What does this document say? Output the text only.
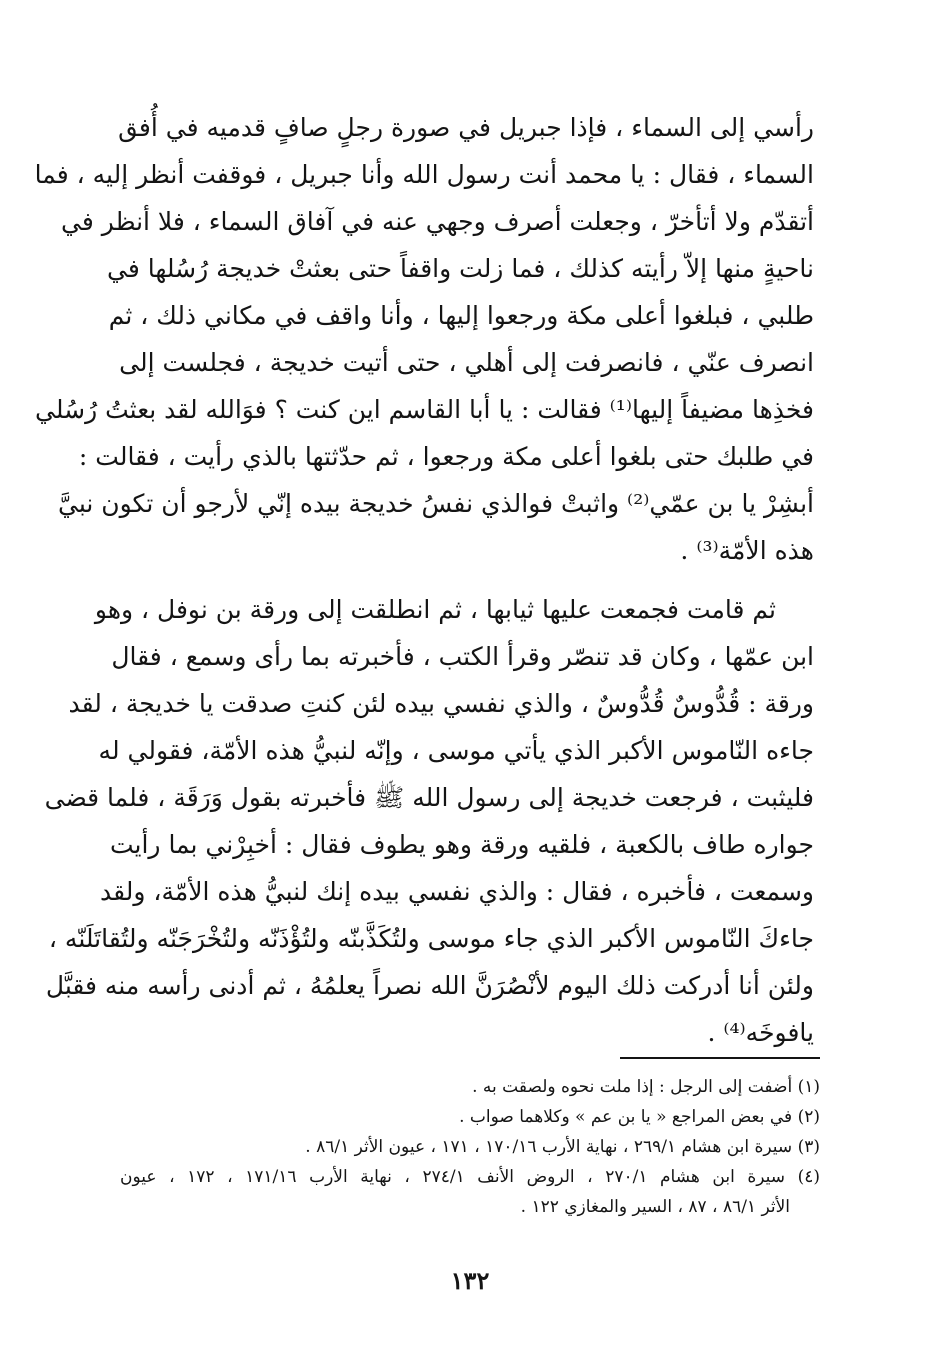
رأسي إلى السماء ، فإذا جبريل في صورة رجلٍ صافٍ قدميه في أُفق
السماء ، فقال : يا محمد أنت رسول الله وأنا جبريل ، فوقفت أنظر إليه ، فما
أتقدّم ولا أتأخرّ ، وجعلت أصرف وجهي عنه في آفاق السماء ، فلا أنظر في
ناحيةٍ منها إلاّ رأيته كذلك ، فما زلت واقفاً حتى بعثتْ خديجة رُسُلها في
طلبي ، فبلغوا أعلى مكة ورجعوا إليها ، وأنا واقف في مكاني ذلك ، ثم
انصرف عنّي ، فانصرفت إلى أهلي ، حتى أتيت خديجة ، فجلست إلى
فخذِها مضيفاً إليها⁽¹⁾ فقالت : يا أبا القاسم اين كنت ؟ فوَالله لقد بعثتُ رُسُلي
في طلبك حتى بلغوا أعلى مكة ورجعوا ، ثم حدّثتها بالذي رأيت ، فقالت :
أبشِرْ يا بن عمّي⁽²⁾ واثبتْ فوالذي نفسُ خديجة بيده إنّي لأرجو أن تكون نبيَّ
هذه الأمّة⁽³⁾ .
ثم قامت فجمعت عليها ثيابها ، ثم انطلقت إلى ورقة بن نوفل ، وهو
ابن عمّها ، وكان قد تنصّر وقرأ الكتب ، فأخبرته بما رأى وسمع ، فقال
ورقة : قُدُّوسٌ قُدُّوسٌ ، والذي نفسي بيده لئن كنتِ صدقت يا خديجة ، لقد
جاءه النّاموس الأكبر الذي يأتي موسى ، وإنّه لنبيُّ هذه الأمّة، فقولي له
فليثبت ، فرجعت خديجة إلى رسول الله ﷺ فأخبرته بقول وَرَقَة ، فلما قضى
جواره طاف بالكعبة ، فلقيه ورقة وهو يطوف فقال : أخبِرْني بما رأيت
وسمعت ، فأخبره ، فقال : والذي نفسي بيده إنك لنبيُّ هذه الأمّة، ولقد
جاءكَ النّاموس الأكبر الذي جاء موسى ولتُكَذَّبنّه ولتُؤْذَنّه ولتُخْرَجَنّه ولتُقاتَلَنّه ،
ولئن أنا أدركت ذلك اليوم لأنْصُرَنَّ الله نصراً يعلمُهُ ، ثم أدنى رأسه منه فقبَّل
يافوخَه⁽⁴⁾ .
(١) أضفت إلى الرجل : إذا ملت نحوه ولصقت به .
(٢) في بعض المراجع « يا بن عم » وكلاهما صواب .
(٣) سيرة ابن هشام ٢٦٩/١ ، نهاية الأرب ١٧٠/١٦ ، ١٧١ ، عيون الأثر ٨٦/١ .
(٤) سيرة ابن هشام ٢٧٠/١ ، الروض الأنف ٢٧٤/١ ، نهاية الأرب ١٧١/١٦ ، ١٧٢ ، عيون
الأثر ٨٦/١ ، ٨٧ ، السير والمغازي ١٢٢ .
١٣٢
